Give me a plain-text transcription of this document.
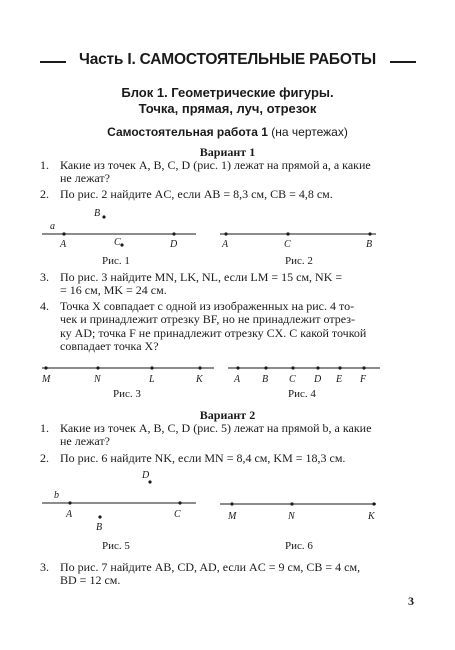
Часть I. САМОСТОЯТЕЛЬНЫЕ РАБОТЫ
Блок 1. Геометрические фигуры.
Точка, прямая, луч, отрезок
Самостоятельная работа 1 (на чертежах)
Вариант 1
1. Какие из точек A, B, C, D (рис. 1) лежат на прямой a, а какие
не лежат?
2. По рис. 2 найдите AC, если AB = 8,3 см, CB = 4,8 см.
a
A
B
C	D
Рис. 1
A	C	B
Рис. 2
3. По рис. 3 найдите MN, LK, NL, если LM = 15 см, NK =
= 16 см, MK = 24 см.
4. Точка X совпадает с одной из изображенных на рис. 4 то-
чек и принадлежит отрезку BF, но не принадлежит отрез-
ку AD; точка F не принадлежит отрезку CX. С какой точкой
совпадает точка X?
M	N	L	K
Рис. 3
A B C D E F
Рис. 4
Вариант 2
1. Какие из точек A, B, C, D (рис. 5) лежат на прямой b, а какие
не лежат?
2. По рис. 6 найдите NK, если MN = 8,4 см, KM = 18,3 см.
D
b
A
B
C
Рис. 5
M	N	K
Рис. 6
3. По рис. 7 найдите AB, CD, AD, если AC = 9 см, CB = 4 см,
BD = 12 см.
3
